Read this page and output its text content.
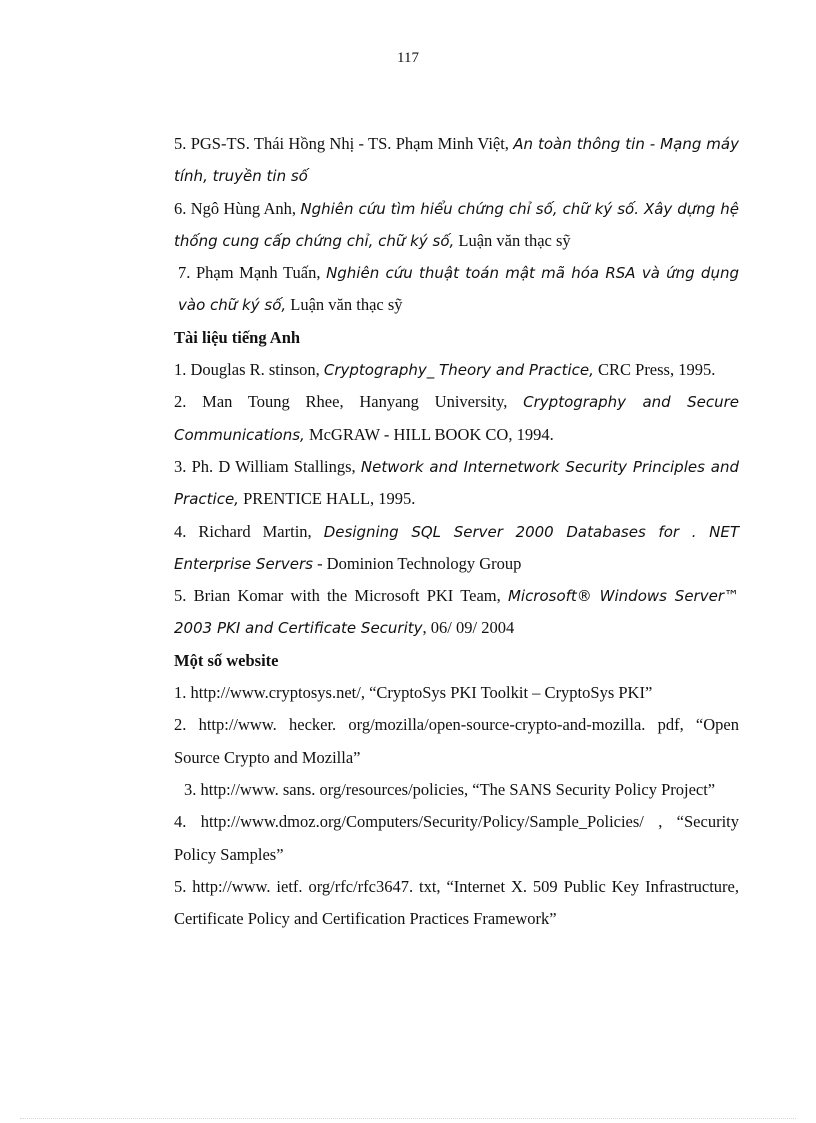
117

5. PGS-TS. Thái Hồng Nhị - TS. Phạm Minh Việt, An toàn thông tin - Mạng máy tính, truyền tin số

6. Ngô Hùng Anh, Nghiên cứu tìm hiểu chứng chỉ số, chữ ký số. Xây dựng hệ thống cung cấp chứng chỉ, chữ ký số, Luận văn thạc sỹ

7. Phạm Mạnh Tuấn, Nghiên cứu thuật toán mật mã hóa RSA và ứng dụng vào chữ ký số, Luận văn thạc sỹ

Tài liệu tiếng Anh

1. Douglas R. stinson, Cryptography_ Theory and Practice, CRC Press, 1995.

2. Man Toung Rhee, Hanyang University, Cryptography and Secure Communications, McGRAW - HILL BOOK CO, 1994.

3. Ph. D William Stallings, Network and Internetwork Security Principles and Practice, PRENTICE HALL, 1995.

4. Richard Martin, Designing SQL Server 2000 Databases for . NET Enterprise Servers - Dominion Technology Group

5. Brian Komar with the Microsoft PKI Team, Microsoft® Windows Server™ 2003 PKI and Certificate Security, 06/ 09/ 2004

Một số website

1. http://www.cryptosys.net/, “CryptoSys PKI Toolkit – CryptoSys PKI”

2. http://www. hecker. org/mozilla/open-source-crypto-and-mozilla. pdf, “Open Source Crypto and Mozilla”

3. http://www. sans. org/resources/policies, “The SANS Security Policy Project”

4. http://www.dmoz.org/Computers/Security/Policy/Sample_Policies/ , “Security Policy Samples”

5. http://www. ietf. org/rfc/rfc3647. txt, “Internet X. 509 Public Key Infrastructure, Certificate Policy and Certification Practices Framework”
